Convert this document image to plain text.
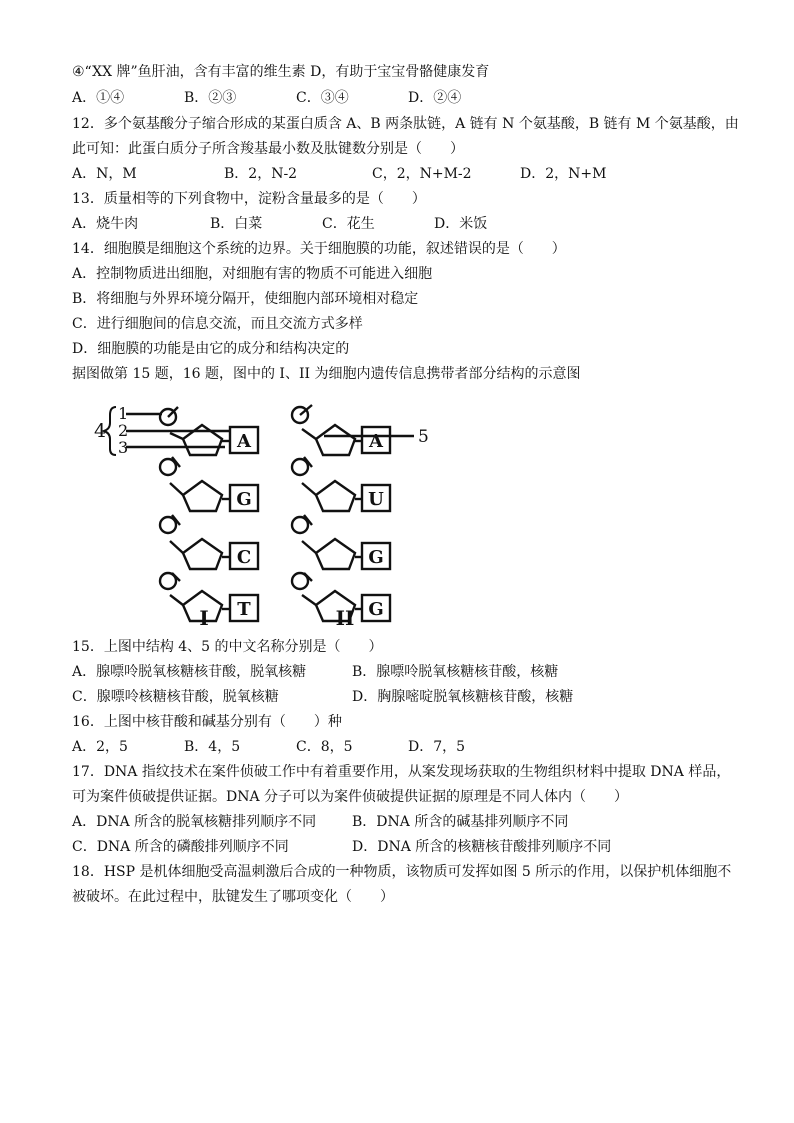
④“XX 牌”鱼肝油，含有丰富的维生素 D，有助于宝宝骨骼健康发育
A．①④	B．②③	C．③④	D．②④
12．多个氨基酸分子缩合形成的某蛋白质含 A、B 两条肽链，A 链有 N 个氨基酸，B 链有 M 个氨基酸，由
此可知：此蛋白质分子所含羧基最小数及肽键数分别是（　　）
A．N，M	B．2，N-2	C，2，N+M-2	D．2，N+M
13．质量相等的下列食物中，淀粉含量最多的是（　　）
A．烧牛肉	B．白菜	C．花生	D．米饭
14．细胞膜是细胞这个系统的边界。关于细胞膜的功能，叙述错误的是（　　）
A．控制物质进出细胞，对细胞有害的物质不可能进入细胞
B．将细胞与外界环境分隔开，使细胞内部环境相对稳定
C．进行细胞间的信息交流，而且交流方式多样
D．细胞膜的功能是由它的成分和结构决定的
据图做第 15 题，16 题，图中的 I、II 为细胞内遗传信息携带者部分结构的示意图
A
G
C
T
A
U
G
G
4
1
2
3
5
I	II
15．上图中结构 4、5 的中文名称分别是（　　）
A．腺嘌呤脱氧核糖核苷酸，脱氧核糖	B．腺嘌呤脱氧核糖核苷酸，核糖
C．腺嘌呤核糖核苷酸，脱氧核糖	D．胸腺嘧啶脱氧核糖核苷酸，核糖
16．上图中核苷酸和碱基分别有（　　）种
A．2，5	B．4，5	C．8，5	D．7，5
17．DNA 指纹技术在案件侦破工作中有着重要作用，从案发现场获取的生物组织材料中提取 DNA 样品，
可为案件侦破提供证据。DNA 分子可以为案件侦破提供证据的原理是不同人体内（　　）
A．DNA 所含的脱氧核糖排列顺序不同	B．DNA 所含的碱基排列顺序不同
C．DNA 所含的磷酸排列顺序不同	D．DNA 所含的核糖核苷酸排列顺序不同
18．HSP 是机体细胞受高温刺激后合成的一种物质，该物质可发挥如图 5 所示的作用，以保护机体细胞不
被破坏。在此过程中，肽键发生了哪项变化（　　）
